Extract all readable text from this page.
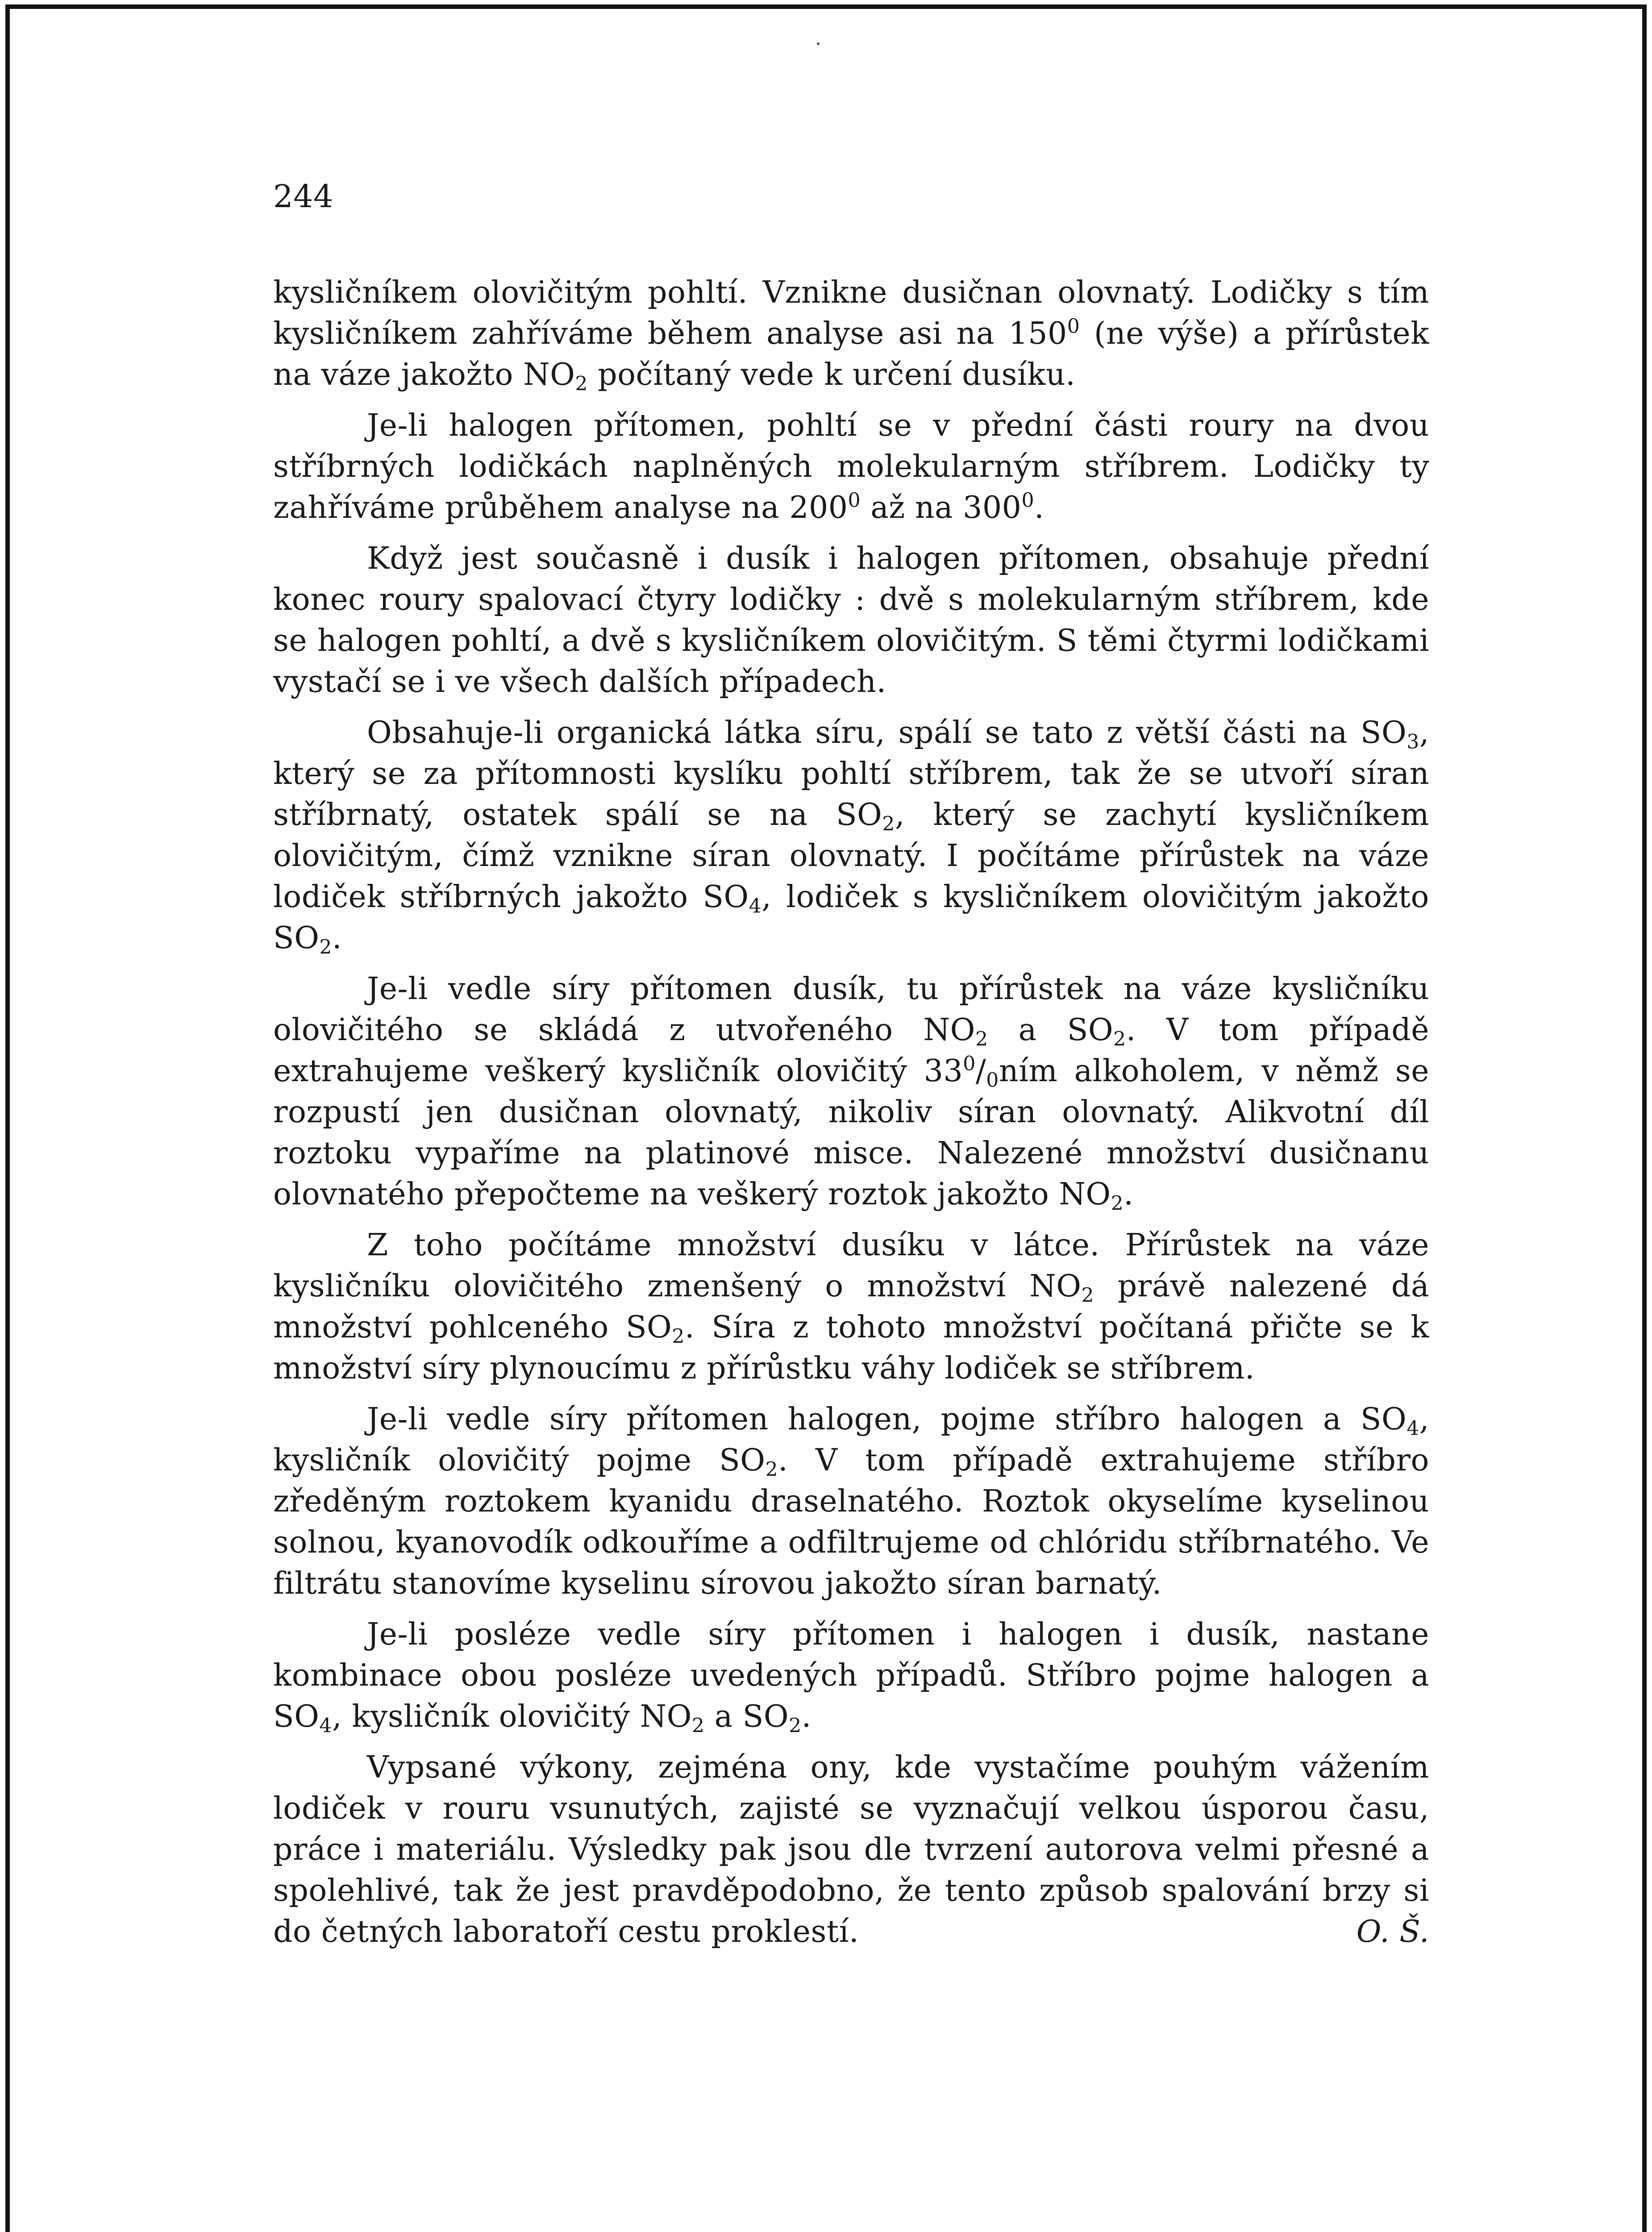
244

kysličníkem olovičitým pohltí. Vznikne dusičnan olovnatý. Lodičky s tím kysličníkem zahříváme během analyse asi na $150^0$ (ne výše) a přírůstek na váze jakožto $NO_2$ počítaný vede k určení dusíku.

Je-li halogen přítomen, pohltí se v přední části roury na dvou stříbrných lodičkách naplněných molekularným stříbrem. Lodičky ty zahříváme průběhem analyse na $200^0$ až na $300^0$.

Když jest současně i dusík i halogen přítomen, obsahuje přední konec roury spalovací čtyry lodičky : dvě s molekularným stříbrem, kde se halogen pohltí, a dvě s kysličníkem olovičitým. S těmi čtyrmi lodičkami vystačí se i ve všech dalších případech.

Obsahuje-li organická látka síru, spálí se tato z větší části na $SO_3$, který se za přítomnosti kyslíku pohltí stříbrem, tak že se utvoří síran stříbrnatý, ostatek spálí se na $SO_2$, který se zachytí kysličníkem olovičitým, čímž vznikne síran olovnatý. I počítáme přírůstek na váze lodiček stříbrných jakožto $SO_4$, lodiček s kysličníkem olovičitým jakožto $SO_2$.

Je-li vedle síry přítomen dusík, tu přírůstek na váze kysličníku olovičitého se skládá z utvořeného $NO_2$ a $SO_2$. V tom případě extrahujeme veškerý kysličník olovičitý $33^0/_0ním$ alkoholem, v němž se rozpustí jen dusičnan olovnatý, nikoliv síran olovnatý. Alikvotní díl roztoku vypaříme na platinové misce. Nalezené množství dusičnanu olovnatého přepočteme na veškerý roztok jakožto $NO_2$.

Z toho počítáme množství dusíku v látce. Přírůstek na váze kysličníku olovičitého zmenšený o množství $NO_2$ právě nalezené dá množství pohlceného $SO_2$. Síra z tohoto množství počítaná přičte se k množství síry plynoucímu z přírůstku váhy lodiček se stříbrem.

Je-li vedle síry přítomen halogen, pojme stříbro halogen a $SO_4$, kysličník olovičitý pojme $SO_2$. V tom případě extrahujeme stříbro zředěným roztokem kyanidu draselnatého. Roztok okyselíme kyselinou solnou, kyanovodík odkouříme a odfiltrujeme od chlóridu stříbrnatého. Ve filtrátu stanovíme kyselinu sírovou jakožto síran barnatý.

Je-li posléze vedle síry přítomen i halogen i dusík, nastane kombinace obou posléze uvedených případů. Stříbro pojme halogen a $SO_4$, kysličník olovičitý $NO_2$ a $SO_2$.

Vypsané výkony, zejména ony, kde vystačíme pouhým vážením lodiček v rouru vsunutých, zajisté se vyznačují velkou úsporou času, práce i materiálu. Výsledky pak jsou dle tvrzení autorova velmi přesné a spolehlivé, tak že jest pravděpodobno, že tento způsob spalování brzy si do četných laboratoří cestu proklestí.	O. Š.
